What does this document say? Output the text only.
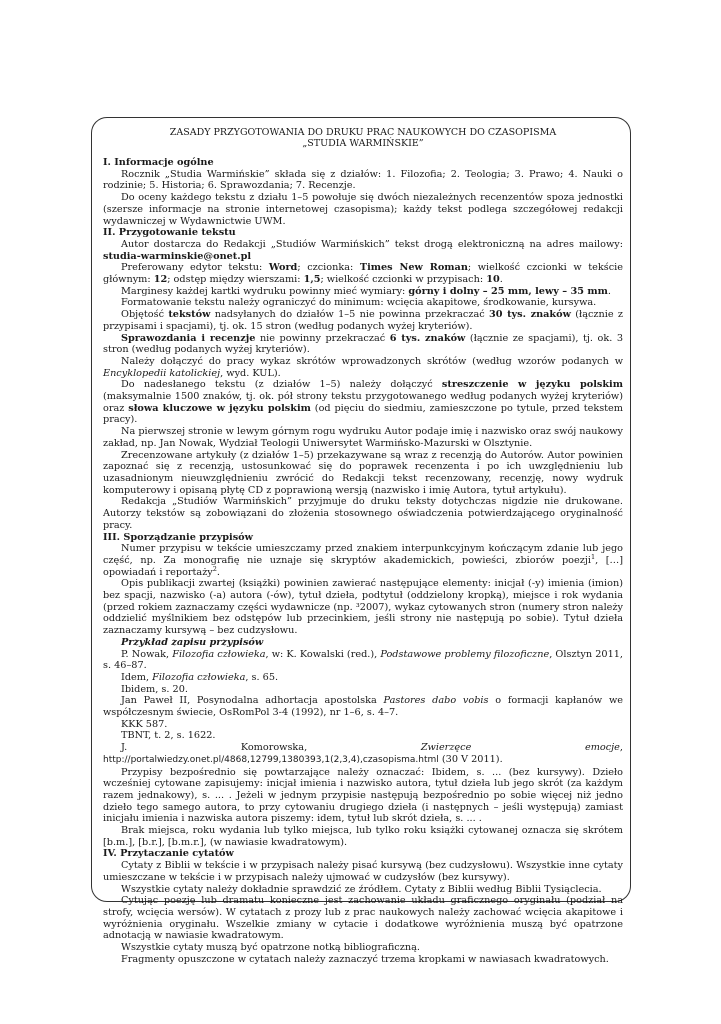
ZASADY PRZYGOTOWANIA DO DRUKU PRAC NAUKOWYCH DO CZASOPISMA
„STUDIA WARMIŃSKIE”
I. Informacje ogólne

Rocznik „Studia Warmińskie” składa się z działów: 1. Filozofia; 2. Teologia; 3. Prawo; 4. Nauki o rodzinie; 5. Historia; 6. Sprawozdania; 7. Recenzje.

Do oceny każdego tekstu z działu 1–5 powołuje się dwóch niezależnych recenzentów spoza jednostki (szersze informacje na stronie internetowej czasopisma); każdy tekst podlega szczegółowej redakcji wydawniczej w Wydawnictwie UWM.

II. Przygotowanie tekstu

Autor dostarcza do Redakcji „Studiów Warmińskich” tekst drogą elektroniczną na adres mailowy: studia-warminskie@onet.pl

Preferowany edytor tekstu: Word; czcionka: Times New Roman; wielkość czcionki w tekście głównym: 12; odstęp między wierszami: 1,5; wielkość czcionki w przypisach: 10.

Marginesy każdej kartki wydruku powinny mieć wymiary: górny i dolny – 25 mm, lewy – 35 mm.

Formatowanie tekstu należy ograniczyć do minimum: wcięcia akapitowe, środkowanie, kursywa.

Objętość tekstów nadsyłanych do działów 1–5 nie powinna przekraczać 30 tys. znaków (łącznie z przypisami i spacjami), tj. ok. 15 stron (według podanych wyżej kryteriów).

Sprawozdania i recenzje nie powinny przekraczać 6 tys. znaków (łącznie ze spacjami), tj. ok. 3 stron (według podanych wyżej kryteriów).

Należy dołączyć do pracy wykaz skrótów wprowadzonych skrótów (według wzorów podanych w Encyklopedii katolickiej, wyd. KUL).

Do nadesłanego tekstu (z działów 1–5) należy dołączyć streszczenie w języku polskim (maksymalnie 1500 znaków, tj. ok. pół strony tekstu przygotowanego według podanych wyżej kryteriów) oraz słowa kluczowe w języku polskim (od pięciu do siedmiu, zamieszczone po tytule, przed tekstem pracy).

Na pierwszej stronie w lewym górnym rogu wydruku Autor podaje imię i nazwisko oraz swój naukowy zakład, np. Jan Nowak, Wydział Teologii Uniwersytet Warmińsko-Mazurski w Olsztynie.

Zrecenzowane artykuły (z działów 1–5) przekazywane są wraz z recenzją do Autorów. Autor powinien zapoznać się z recenzją, ustosunkować się do poprawek recenzenta i po ich uwzględnieniu lub uzasadnionym nieuwzględnieniu zwrócić do Redakcji tekst recenzowany, recenzję, nowy wydruk komputerowy i opisaną płytę CD z poprawioną wersją (nazwisko i imię Autora, tytuł artykułu).

Redakcja „Studiów Warmińskich” przyjmuje do druku teksty dotychczas nigdzie nie drukowane. Autorzy tekstów są zobowiązani do złożenia stosownego oświadczenia potwierdzającego oryginalność pracy.

III. Sporządzanie przypisów

Numer przypisu w tekście umieszczamy przed znakiem interpunkcyjnym kończącym zdanie lub jego część, np. Za monografię nie uznaje się skryptów akademickich, powieści, zbiorów poezji$^1$, […] opowiadań i reportaży$^2$.

Opis publikacji zwartej (książki) powinien zawierać następujące elementy: inicjał (-y) imienia (imion) bez spacji, nazwisko (-a) autora (-ów), tytuł dzieła, podtytuł (oddzielony kropką), miejsce i rok wydania (przed rokiem zaznaczamy części wydawnicze (np. ³2007), wykaz cytowanych stron (numery stron należy oddzielić myślnikiem bez odstępów lub przecinkiem, jeśli strony nie następują po sobie). Tytuł dzieła zaznaczamy kursywą – bez cudzysłowu.

Przykład zapisu przypisów

P. Nowak, Filozofia człowieka, w: K. Kowalski (red.), Podstawowe problemy filozoficzne, Olsztyn 2011, s. 46–87.

Idem, Filozofia człowieka, s. 65.

Ibidem, s. 20.

Jan Paweł II, Posynodalna adhortacja apostolska Pastores dabo vobis o formacji kapłanów we współczesnym świecie, OsRomPol 3-4 (1992), nr 1–6, s. 4–7.

KKK 587.

TBNT, t. 2, s. 1622.

J. Komorowska, Zwierzęce emocje, http://portalwiedzy.onet.pl/4868,12799,1380393,1(2,3,4),czasopisma.html (30 V 2011).

Przypisy bezpośrednio się powtarzające należy oznaczać: Ibidem, s. ... (bez kursywy). Dzieło wcześniej cytowane zapisujemy: inicjał imienia i nazwisko autora, tytuł dzieła lub jego skrót (za każdym razem jednakowy), s. ... . Jeżeli w jednym przypisie następują bezpośrednio po sobie więcej niż jedno dzieło tego samego autora, to przy cytowaniu drugiego dzieła (i następnych – jeśli występują) zamiast inicjału imienia i nazwiska autora piszemy: idem, tytuł lub skrót dzieła, s. ... .

Brak miejsca, roku wydania lub tylko miejsca, lub tylko roku książki cytowanej oznacza się skrótem [b.m.], [b.r.], [b.m.r.], (w nawiasie kwadratowym).

IV. Przytaczanie cytatów

Cytaty z Biblii w tekście i w przypisach należy pisać kursywą (bez cudzysłowu). Wszystkie inne cytaty umieszczane w tekście i w przypisach należy ujmować w cudzysłów (bez kursywy).

Wszystkie cytaty należy dokładnie sprawdzić ze źródłem. Cytaty z Biblii według Biblii Tysiąclecia.

Cytując poezję lub dramatu konieczne jest zachowanie układu graficznego oryginału (podział na strofy, wcięcia wersów). W cytatach z prozy lub z prac naukowych należy zachować wcięcia akapitowe i wyróżnienia oryginału. Wszelkie zmiany w cytacie i dodatkowe wyróżnienia muszą być opatrzone adnotacją w nawiasie kwadratowym.

Wszystkie cytaty muszą być opatrzone notką bibliograficzną.

Fragmenty opuszczone w cytatach należy zaznaczyć trzema kropkami w nawiasach kwadratowych.
